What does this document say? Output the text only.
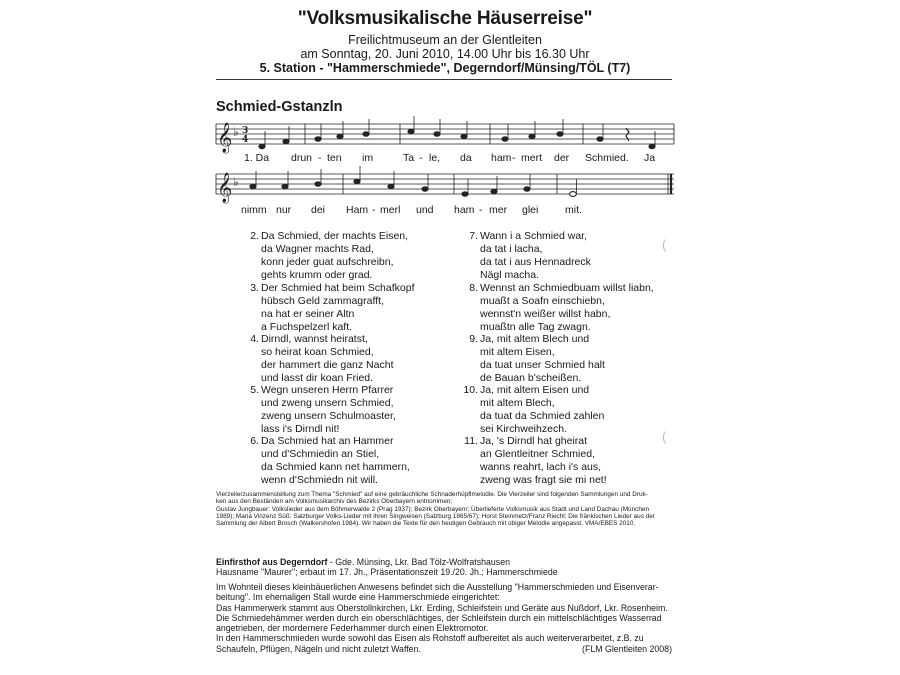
"Volksmusikalische Häuserreise"
Freilichtmuseum an der Glentleiten
am Sonntag, 20. Juni 2010, 14.00 Uhr bis 16.30 Uhr
5. Station - "Hammerschmiede", Degerndorf/Münsing/TÖL (T7)
Schmied-Gstanzln
𝄞
𝄞
♭
♭
3
4
1. Da drun - ten im	Ta - le, da ham - mert der Schmied. Ja
nimm nur dei Ham - merl und ham - mer glei	mit.
2. Da Schmied, der machts Eisen,
da Wagner machts Rad,
konn jeder guat aufschreibn,
gehts krumm oder grad.
3. Der Schmied hat beim Schafkopf
hübsch Geld zammagrafft,
na hat er seiner Altn
a Fuchspelzerl kaft.
4. Dirndl, wannst heiratst,
so heirat koan Schmied,
der hammert die ganz Nacht
und lasst dir koan Fried.
5. Wegn unseren Herrn Pfarrer
und zweng unsern Schmied,
zweng unsern Schulmoaster,
lass i's Dirndl nit!
6. Da Schmied hat an Hammer
und d'Schmiedin an Stiel,
da Schmied kann net hammern,
wenn d'Schmiedn nit will.
7. Wann i a Schmied war,
da tat i lacha,
da tat i aus Hennadreck
Nägl macha.
8. Wennst an Schmiedbuam willst liabn,
muaßt a Soafn einschiebn,
wennst'n weißer willst habn,
muaßtn alle Tag zwagn.
9. Ja, mit altem Blech und
mit altem Eisen,
da tuat unser Schmied halt
de Bauan b'scheißen.
10. Ja, mit altem Eisen und
mit altem Blech,
da tuat da Schmied zahlen
sei Kirchweihzech.
11. Ja, 's Dirndl hat gheirat
an Glentleitner Schmied,
wanns reahrt, lach i's aus,
zweng was fragt sie mi net!
(
(
Vierzeilerzusammenstellung zum Thema "Schmied" auf eine gebräuchliche Schnaderhüpflmelodie. Die Vierzeiler sind folgenden Sammlungen und Druk-
ken aus den Beständen am Volksmusikarchiv des Bezirks Oberbayern entnommen:
Gustav Jungbauer: Volkslieder aus dem Böhmerwalde 2 (Prag 1937); Bezirk Oberbayern: Überlieferte Volksmusik aus Stadt und Land Dachau (München
1989); Maria Vinzenz Süß: Salzburger Volks-Lieder mit ihren Singweisen (Salzburg 1865/67); Horst Steinmetz/Franz Riechl: Die fränkischen Lieder aus der
Sammlung der Albert Brosch (Walkershofen 1984). Wir haben die Texte für den heutigen Gebrauch mit obiger Melodie angepasst. VMA/EBES 2010.
Einfirsthof aus Degerndorf - Gde. Münsing, Lkr. Bad Tölz-Wolfratshausen
Hausname "Maurer"; erbaut im 17. Jh., Präsentationszeit 19./20. Jh.; Hammerschmiede
Im Wohnteil dieses kleinbäuerlichen Anwesens befindet sich die Ausstellung "Hammerschmieden und Eisenverar-
beitung". Im ehemaligen Stall wurde eine Hammerschmiede eingerichtet:
Das Hammerwerk stammt aus Oberstollnkirchen, Lkr. Erding, Schleifstein und Geräte aus Nußdorf, Lkr. Rosenheim.
Die Schmiedehämmer werden durch ein oberschlächtiges, der Schleifstein durch ein mittelschlächtiges Wasserrad
angetrieben, der mordernere Federhammer durch einen Elektromotor.
In den Hammerschmieden wurde sowohl das Eisen als Rohstoff aufbereitet als auch weiterverarbeitet, z.B. zu
Schaufeln, Pflügen, Nägeln und nicht zuletzt Waffen.	(FLM Glentleiten 2008)
